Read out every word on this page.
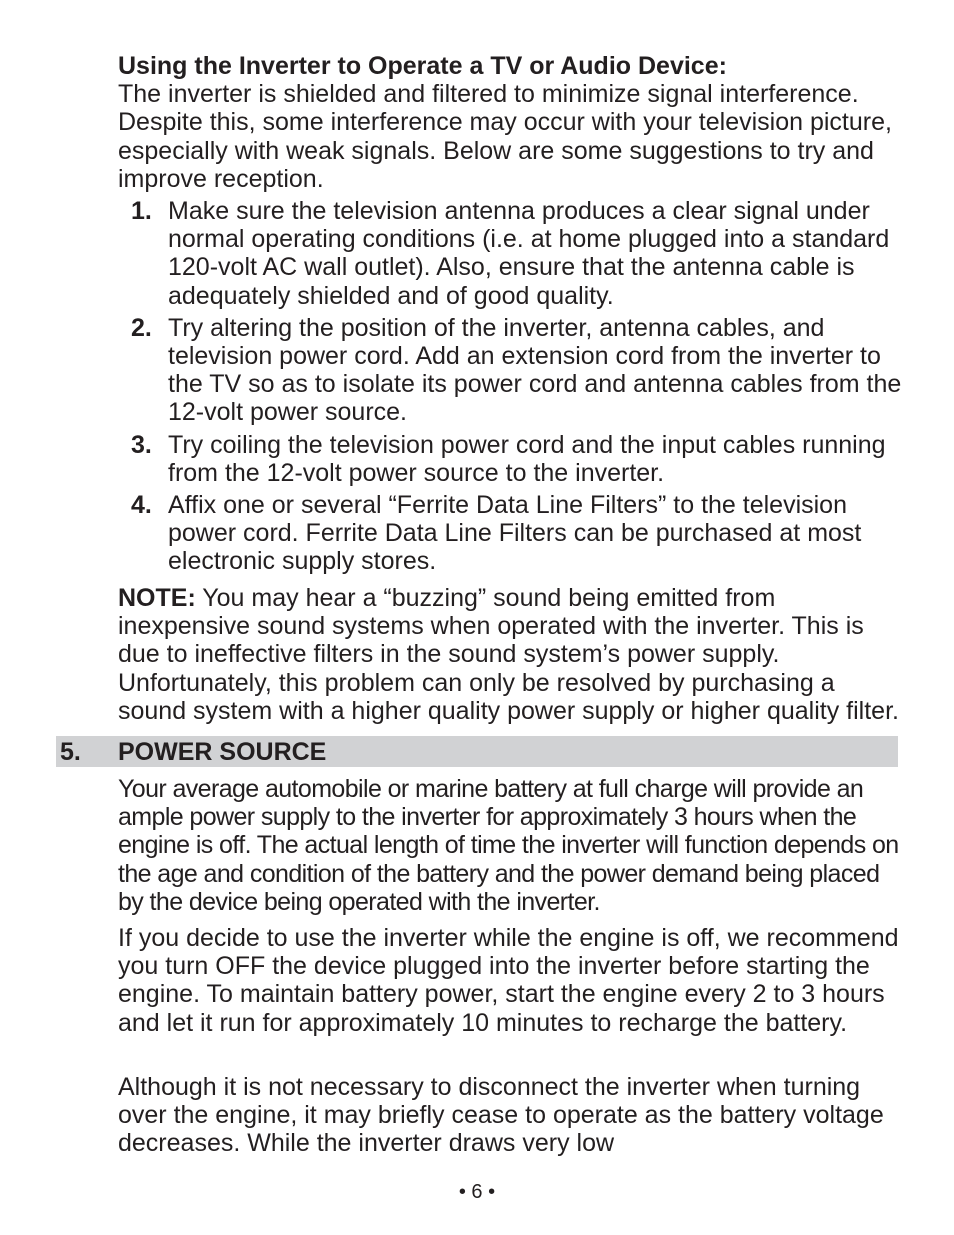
Using the Inverter to Operate a TV or Audio Device:
The inverter is shielded and filtered to minimize signal interference. Despite this, some interference may occur with your television picture, especially with weak signals. Below are some suggestions to try and improve reception.

1. Make sure the television antenna produces a clear signal under normal operating conditions (i.e. at home plugged into a standard 120-volt AC wall outlet). Also, ensure that the antenna cable is adequately shielded and of good quality.
2. Try altering the position of the inverter, antenna cables, and television power cord. Add an extension cord from the inverter to the TV so as to isolate its power cord and antenna cables from the 12-volt power source.
3. Try coiling the television power cord and the input cables running from the 12-volt power source to the inverter.
4. Affix one or several “Ferrite Data Line Filters” to the television power cord. Ferrite Data Line Filters can be purchased at most electronic supply stores.

NOTE: You may hear a “buzzing” sound being emitted from inexpensive sound systems when operated with the inverter. This is due to ineffective filters in the sound system’s power supply. Unfortunately, this problem can only be resolved by purchasing a sound system with a higher quality power supply or higher quality filter.

5. POWER SOURCE

Your average automobile or marine battery at full charge will provide an ample power supply to the inverter for approximately 3 hours when the engine is off. The actual length of time the inverter will function depends on the age and condition of the battery and the power demand being placed by the device being operated with the inverter.

If you decide to use the inverter while the engine is off, we recommend you turn OFF the device plugged into the inverter before starting the engine. To maintain battery power, start the engine every 2 to 3 hours and let it run for approximately 10 minutes to recharge the battery.

Although it is not necessary to disconnect the inverter when turning over the engine, it may briefly cease to operate as the battery voltage decreases. While the inverter draws very low

• 6 •
